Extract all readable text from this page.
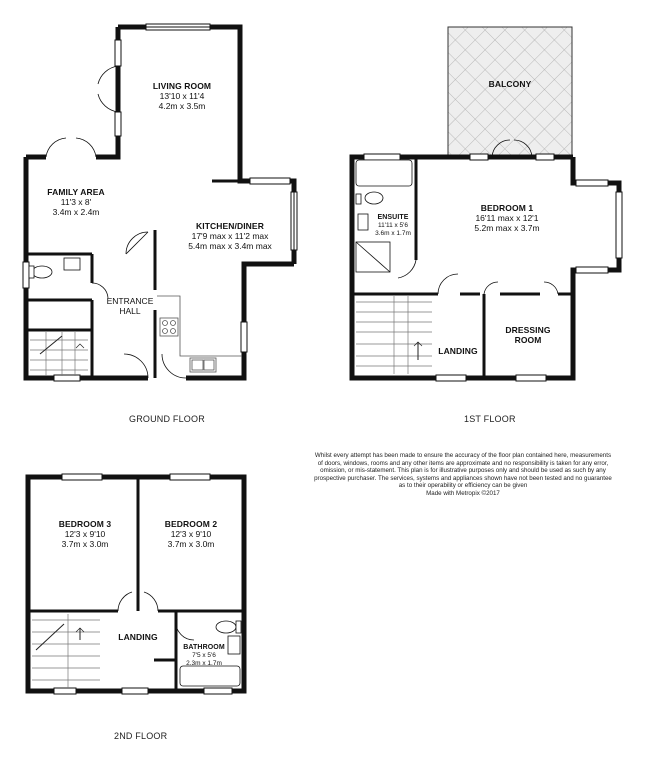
LIVING ROOM
13'10 x 11'4
4.2m x 3.5m
FAMILY AREA
11'3 x 8'
3.4m x 2.4m
KITCHEN/DINER
17'9 max x 11'2 max
5.4m max x 3.4m max
ENTRANCE
HALL
GROUND FLOOR
BALCONY
BEDROOM 1
16'11 max x 12'1
5.2m max x 3.7m
ENSUITE
11'11 x 5'6
3.6m x 1.7m
LANDING
DRESSING
ROOM
1ST FLOOR
BEDROOM 3
12'3 x 9'10
3.7m x 3.0m
BEDROOM 2
12'3 x 9'10
3.7m x 3.0m
LANDING
BATHROOM
7'5 x 5'6
2.3m x 1.7m
2ND FLOOR
Whilst every attempt has been made to ensure the accuracy of the floor plan contained here, measurements
of doors, windows, rooms and any other items are approximate and no responsibility is taken for any error,
omission, or mis-statement. This plan is for illustrative purposes only and should be used as such by any
prospective purchaser. The services, systems and appliances shown have not been tested and no guarantee
as to their operability or efficiency can be given
Made with Metropix ©2017
